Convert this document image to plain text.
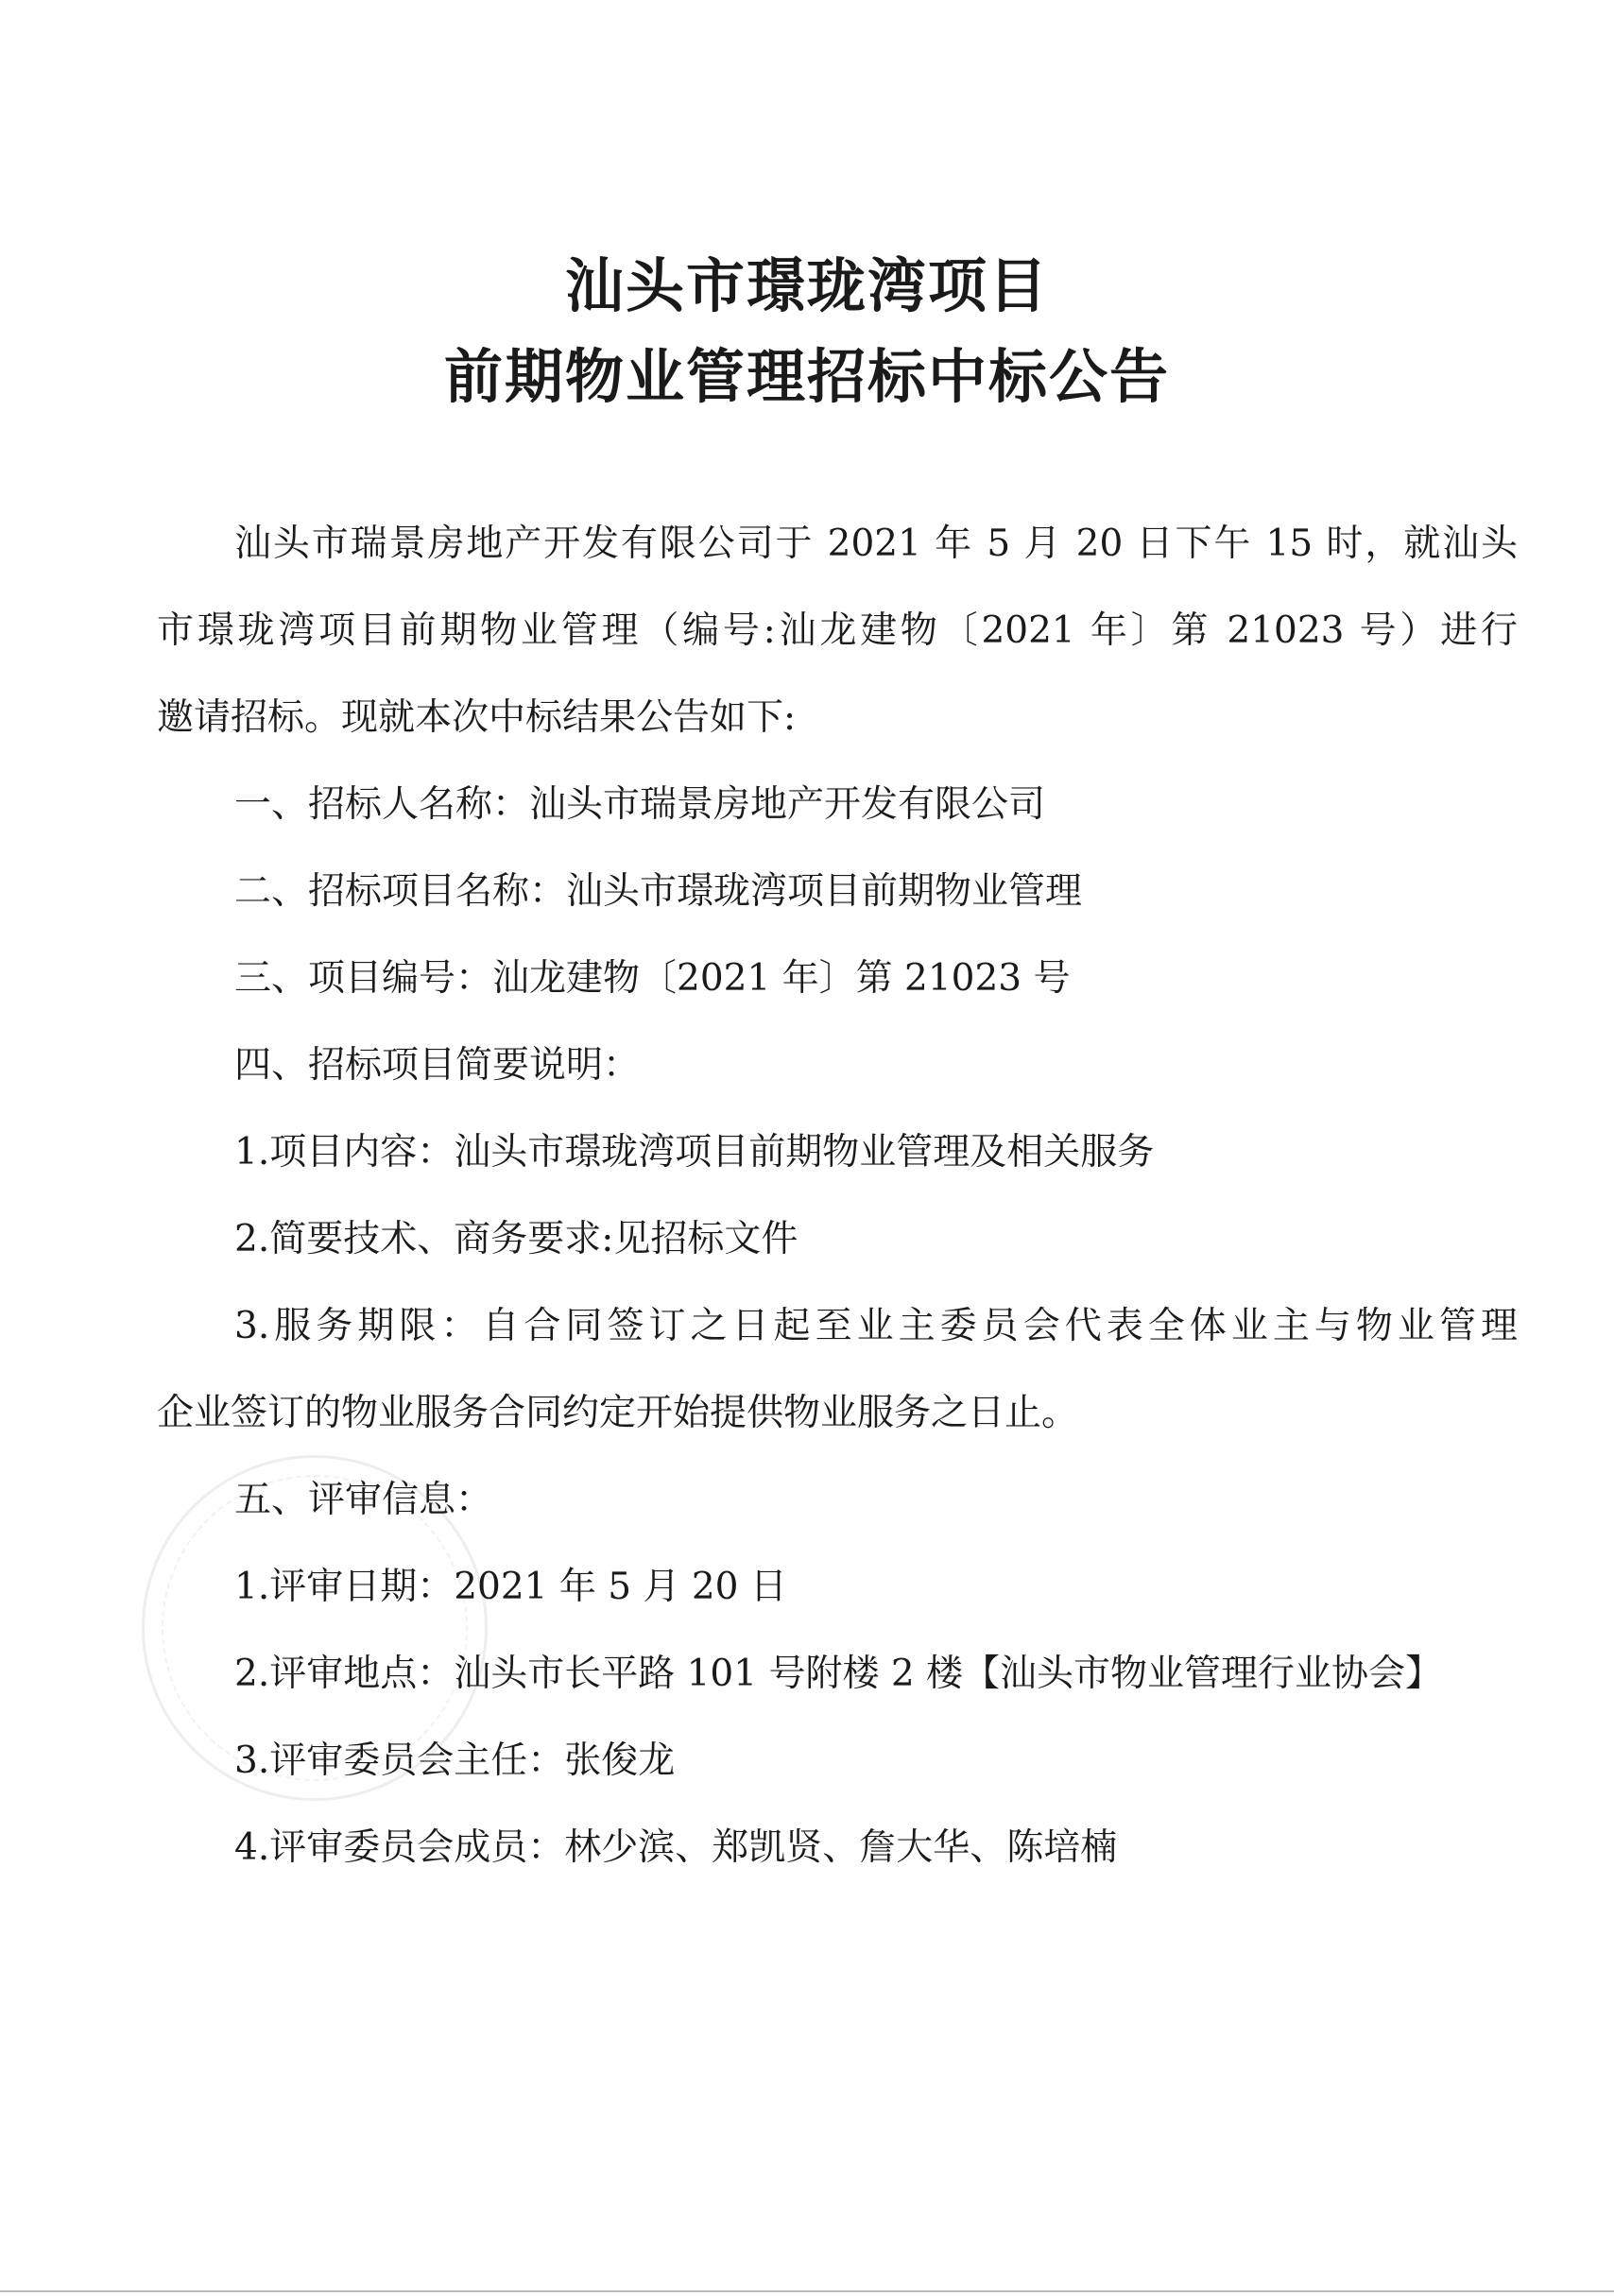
汕头市璟珑湾项目
前期物业管理招标中标公告
汕头市瑞景房地产开发有限公司于 2021 年 5 月 20 日下午 15 时，就汕头
市璟珑湾项目前期物业管理（编号:汕龙建物〔2021 年〕第 21023 号）进行
邀请招标。现就本次中标结果公告如下:
一、招标人名称：汕头市瑞景房地产开发有限公司
二、招标项目名称：汕头市璟珑湾项目前期物业管理
三、项目编号：汕龙建物〔2021 年〕第 21023 号
四、招标项目简要说明：
1.项目内容：汕头市璟珑湾项目前期物业管理及相关服务
2.简要技术、商务要求:见招标文件
3.服务期限：自合同签订之日起至业主委员会代表全体业主与物业管理
企业签订的物业服务合同约定开始提供物业服务之日止。
五、评审信息：
1.评审日期：2021 年 5 月 20 日
2.评审地点：汕头市长平路 101 号附楼 2 楼【汕头市物业管理行业协会】
3.评审委员会主任：张俊龙
4.评审委员会成员：林少滨、郑凯贤、詹大华、陈培楠
